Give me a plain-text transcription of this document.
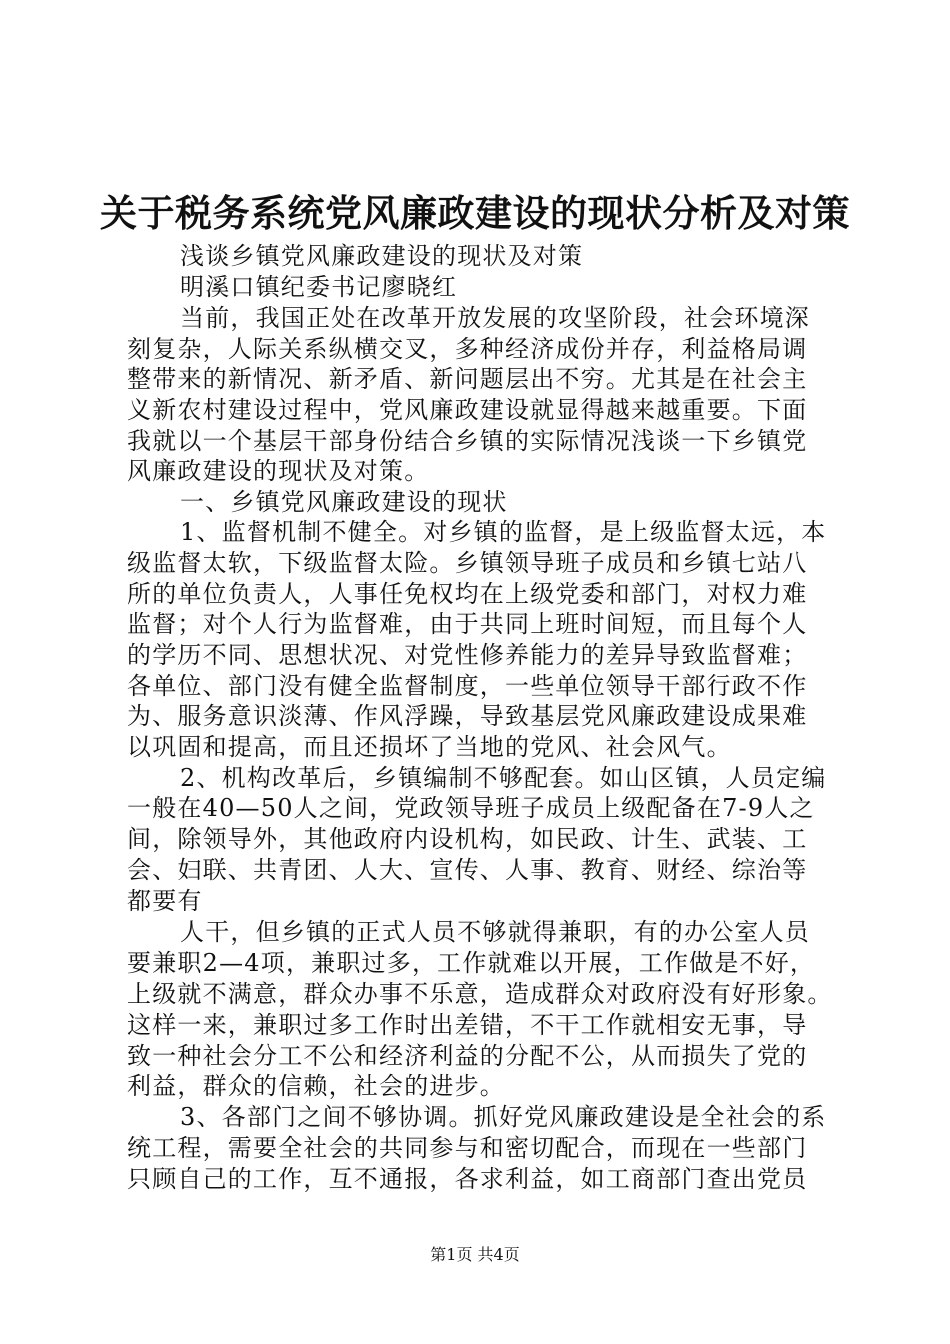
关于税务系统党风廉政建设的现状分析及对策
浅谈乡镇党风廉政建设的现状及对策
明溪口镇纪委书记廖晓红
当前，我国正处在改革开放发展的攻坚阶段，社会环境深
刻复杂，人际关系纵横交叉，多种经济成份并存，利益格局调
整带来的新情况、新矛盾、新问题层出不穷。尤其是在社会主
义新农村建设过程中，党风廉政建设就显得越来越重要。下面
我就以一个基层干部身份结合乡镇的实际情况浅谈一下乡镇党
风廉政建设的现状及对策。
一、乡镇党风廉政建设的现状
1、监督机制不健全。对乡镇的监督，是上级监督太远，本
级监督太软，下级监督太险。乡镇领导班子成员和乡镇七站八
所的单位负责人，人事任免权均在上级党委和部门，对权力难
监督；对个人行为监督难，由于共同上班时间短，而且每个人
的学历不同、思想状况、对党性修养能力的差异导致监督难；
各单位、部门没有健全监督制度，一些单位领导干部行政不作
为、服务意识淡薄、作风浮躁，导致基层党风廉政建设成果难
以巩固和提高，而且还损坏了当地的党风、社会风气。
2、机构改革后，乡镇编制不够配套。如山区镇，人员定编
一般在40—50人之间，党政领导班子成员上级配备在7-9人之
间，除领导外，其他政府内设机构，如民政、计生、武装、工
会、妇联、共青团、人大、宣传、人事、教育、财经、综治等
都要有
人干，但乡镇的正式人员不够就得兼职，有的办公室人员
要兼职2—4项，兼职过多，工作就难以开展，工作做是不好，
上级就不满意，群众办事不乐意，造成群众对政府没有好形象。
这样一来，兼职过多工作时出差错，不干工作就相安无事，导
致一种社会分工不公和经济利益的分配不公，从而损失了党的
利益，群众的信赖，社会的进步。
3、各部门之间不够协调。抓好党风廉政建设是全社会的系
统工程，需要全社会的共同参与和密切配合，而现在一些部门
只顾自己的工作，互不通报，各求利益，如工商部门查出党员
第1页 共4页
